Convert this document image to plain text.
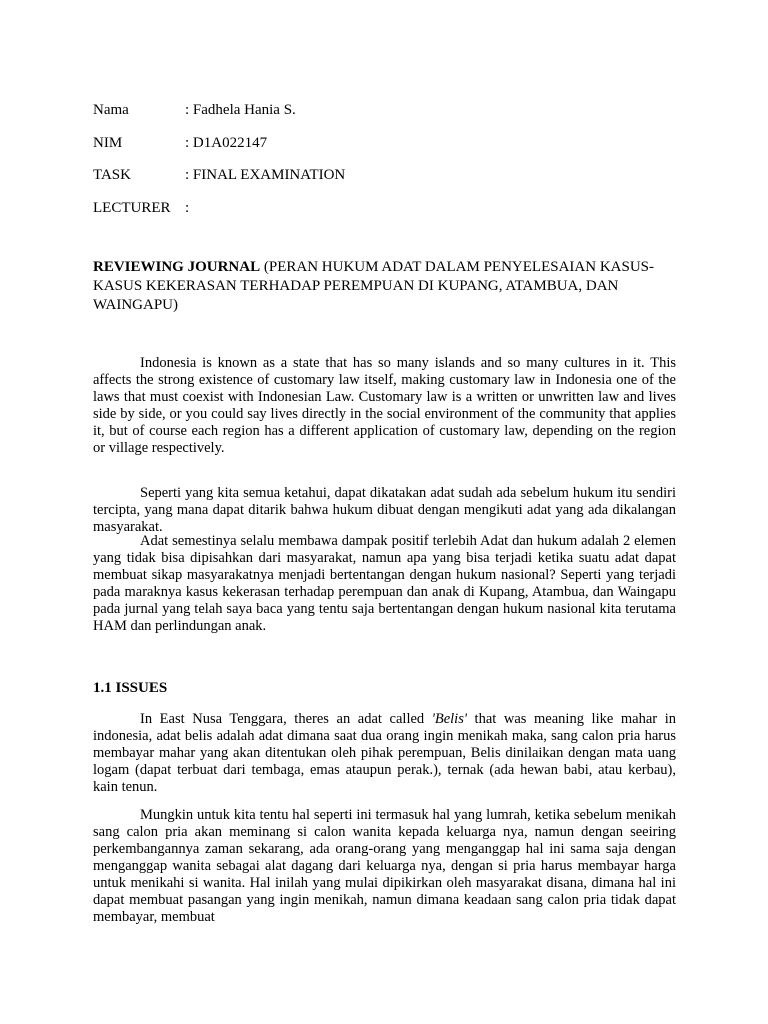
Nama	: Fadhela Hania S.
NIM	: D1A022147
TASK	: FINAL EXAMINATION
LECTURER :
REVIEWING JOURNAL (PERAN HUKUM ADAT DALAM PENYELESAIAN KASUS-KASUS KEKERASAN TERHADAP PEREMPUAN DI KUPANG, ATAMBUA, DAN WAINGAPU)

Indonesia is known as a state that has so many islands and so many cultures in it. This affects the strong existence of customary law itself, making customary law in Indonesia one of the laws that must coexist with Indonesian Law. Customary law is a written or unwritten law and lives side by side, or you could say lives directly in the social environment of the community that applies it, but of course each region has a different application of customary law, depending on the region or village respectively.

Seperti yang kita semua ketahui, dapat dikatakan adat sudah ada sebelum hukum itu sendiri tercipta, yang mana dapat ditarik bahwa hukum dibuat dengan mengikuti adat yang ada dikalangan masyarakat.

Adat semestinya selalu membawa dampak positif terlebih Adat dan hukum adalah 2 elemen yang tidak bisa dipisahkan dari masyarakat, namun apa yang bisa terjadi ketika suatu adat dapat membuat sikap masyarakatnya menjadi bertentangan dengan hukum nasional? Seperti yang terjadi pada maraknya kasus kekerasan terhadap perempuan dan anak di Kupang, Atambua, dan Waingapu pada jurnal yang telah saya baca yang tentu saja bertentangan dengan hukum nasional kita terutama HAM dan perlindungan anak.

1.1 ISSUES

In East Nusa Tenggara, theres an adat called 'Belis' that was meaning like mahar in indonesia, adat belis adalah adat dimana saat dua orang ingin menikah maka, sang calon pria harus membayar mahar yang akan ditentukan oleh pihak perempuan, Belis dinilaikan dengan mata uang logam (dapat terbuat dari tembaga, emas ataupun perak.), ternak (ada hewan babi, atau kerbau), kain tenun.

Mungkin untuk kita tentu hal seperti ini termasuk hal yang lumrah, ketika sebelum menikah sang calon pria akan meminang si calon wanita kepada keluarga nya, namun dengan seeiring perkembangannya zaman sekarang, ada orang-orang yang menganggap hal ini sama saja dengan menganggap wanita sebagai alat dagang dari keluarga nya, dengan si pria harus membayar harga untuk menikahi si wanita. Hal inilah yang mulai dipikirkan oleh masyarakat disana, dimana hal ini dapat membuat pasangan yang ingin menikah, namun dimana keadaan sang calon pria tidak dapat membayar, membuat
